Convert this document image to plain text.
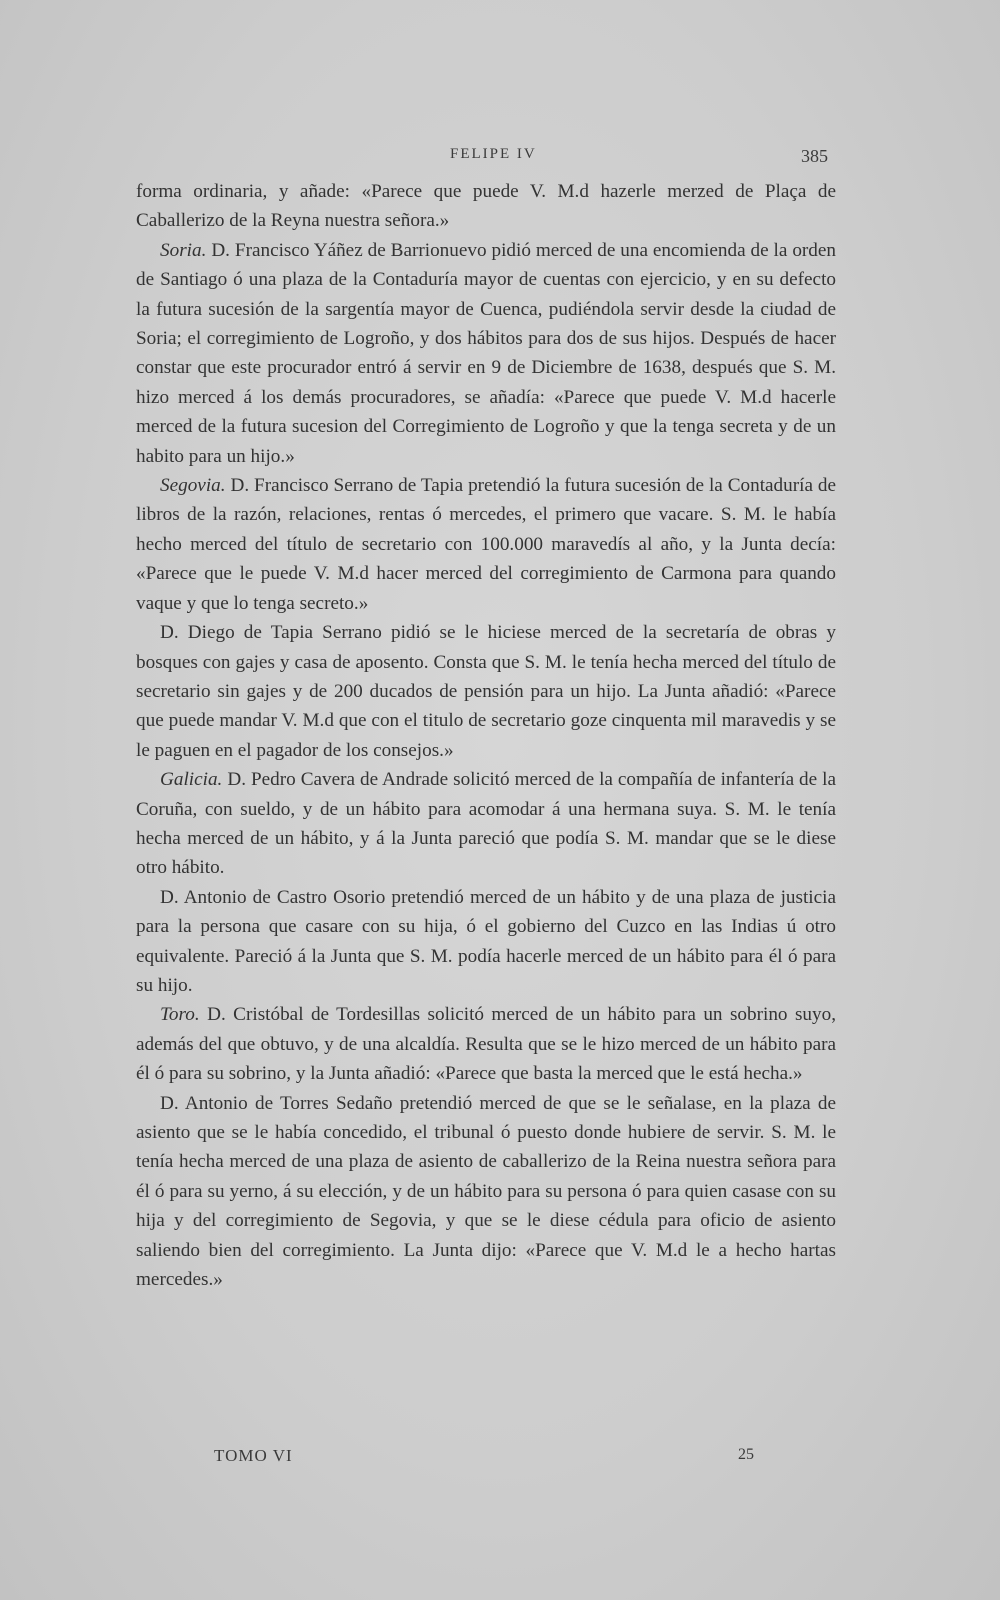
FELIPE IV	385

forma ordinaria, y añade: «Parece que puede V. M.d hazerle merzed de Plaça de Caballerizo de la Reyna nuestra señora.»

Soria. D. Francisco Yáñez de Barrionuevo pidió merced de una encomienda de la orden de Santiago ó una plaza de la Contaduría mayor de cuentas con ejercicio, y en su defecto la futura sucesión de la sargentía mayor de Cuenca, pudiéndola servir desde la ciudad de Soria; el corregimiento de Logroño, y dos hábitos para dos de sus hijos. Después de hacer constar que este procurador entró á servir en 9 de Diciembre de 1638, después que S. M. hizo merced á los demás procuradores, se añadía: «Parece que puede V. M.d hacerle merced de la futura sucesion del Corregimiento de Logroño y que la tenga secreta y de un habito para un hijo.»

Segovia. D. Francisco Serrano de Tapia pretendió la futura sucesión de la Contaduría de libros de la razón, relaciones, rentas ó mercedes, el primero que vacare. S. M. le había hecho merced del título de secretario con 100.000 maravedís al año, y la Junta decía: «Parece que le puede V. M.d hacer merced del corregimiento de Carmona para quando vaque y que lo tenga secreto.»

D. Diego de Tapia Serrano pidió se le hiciese merced de la secretaría de obras y bosques con gajes y casa de aposento. Consta que S. M. le tenía hecha merced del título de secretario sin gajes y de 200 ducados de pensión para un hijo. La Junta añadió: «Parece que puede mandar V. M.d que con el titulo de secretario goze cinquenta mil maravedis y se le paguen en el pagador de los consejos.»

Galicia. D. Pedro Cavera de Andrade solicitó merced de la compañía de infantería de la Coruña, con sueldo, y de un hábito para acomodar á una hermana suya. S. M. le tenía hecha merced de un hábito, y á la Junta pareció que podía S. M. mandar que se le diese otro hábito.

D. Antonio de Castro Osorio pretendió merced de un hábito y de una plaza de justicia para la persona que casare con su hija, ó el gobierno del Cuzco en las Indias ú otro equivalente. Pareció á la Junta que S. M. podía hacerle merced de un hábito para él ó para su hijo.

Toro. D. Cristóbal de Tordesillas solicitó merced de un hábito para un sobrino suyo, además del que obtuvo, y de una alcaldía. Resulta que se le hizo merced de un hábito para él ó para su sobrino, y la Junta añadió: «Parece que basta la merced que le está hecha.»

D. Antonio de Torres Sedaño pretendió merced de que se le señalase, en la plaza de asiento que se le había concedido, el tribunal ó puesto donde hubiere de servir. S. M. le tenía hecha merced de una plaza de asiento de caballerizo de la Reina nuestra señora para él ó para su yerno, á su elección, y de un hábito para su persona ó para quien casase con su hija y del corregimiento de Segovia, y que se le diese cédula para oficio de asiento saliendo bien del corregimiento. La Junta dijo: «Parece que V. M.d le a hecho hartas mercedes.»

TOMO VI	25
